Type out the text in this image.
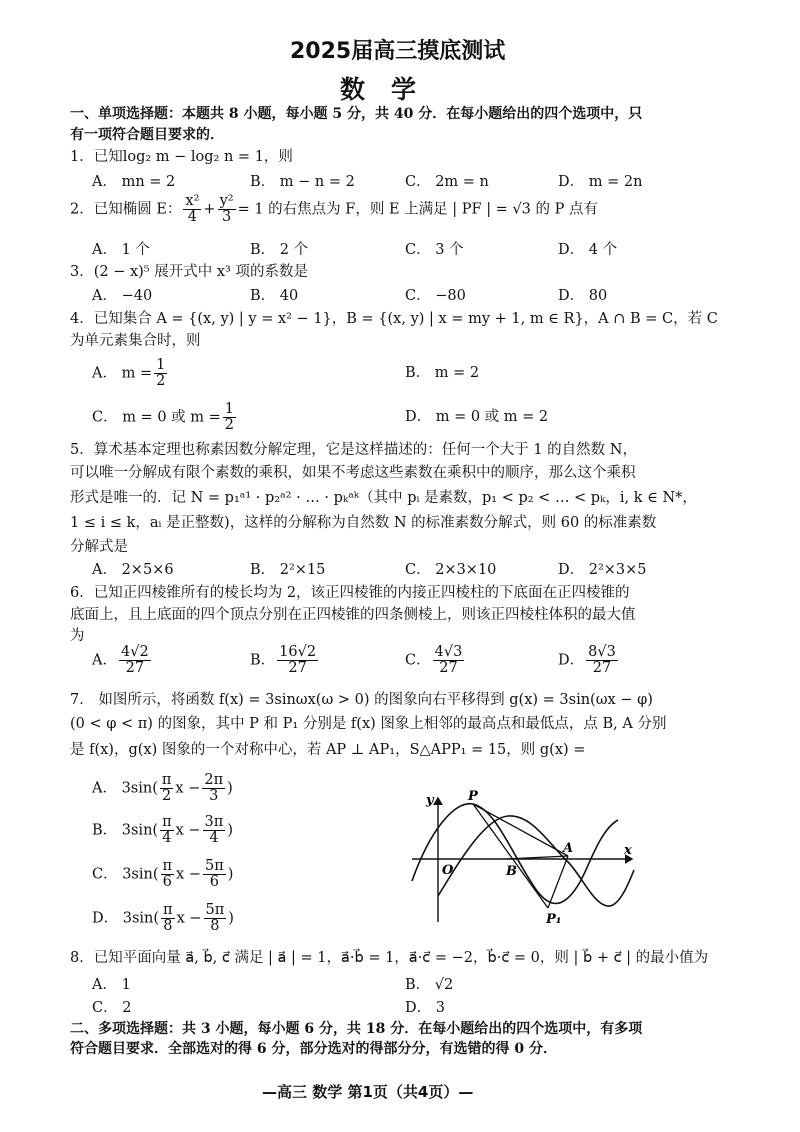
2025届高三摸底测试
数学
一、单项选择题：本题共 8 小题，每小题 5 分，共 40 分．在每小题给出的四个选项中，只
有一项符合题目要求的．
1．已知log₂ m − log₂ n = 1，则
A． mn = 2	B． m − n = 2	C． 2m = n	D． m = 2n
2．已知椭圆 E： $\frac{\text{x²}}{4} + \frac{\text{y²}}{3} = 1$ 的右焦点为 F，则 E 上满足 | PF | = √3 的 P 点有
A． 1 个	B． 2 个	C． 3 个	D． 4 个
3．(2 − x)⁵ 展开式中 x³ 项的系数是
A． −40	B． 40	C． −80	D． 80
4．已知集合 A = {(x, y) | y = x² − 1}，B = {(x, y) | x = my + 1, m ∈ R}，A ∩ B = C，若 C
为单元素集合时，则
A． $m = \frac{1}{2}$	B． m = 2
C． m = 0 或 $m = \frac{1}{2}$	D． m = 0 或 m = 2
5．算术基本定理也称素因数分解定理，它是这样描述的：任何一个大于 1 的自然数 N，
可以唯一分解成有限个素数的乘积，如果不考虑这些素数在乘积中的顺序，那么这个乘积
形式是唯一的．记 N = p₁ᵃ¹ · p₂ᵃ² · … · pₖᵃᵏ（其中 pᵢ 是素数，p₁ < p₂ < … < pₖ，i, k ∈ N*，
1 ≤ i ≤ k，aᵢ 是正整数)，这样的分解称为自然数 N 的标准素数分解式，则 60 的标准素数
分解式是
A． 2×5×6	B． 2²×15	C． 2×3×10	D． 2²×3×5
6．已知正四棱锥所有的棱长均为 2，该正四棱锥的内接正四棱柱的下底面在正四棱锥的
底面上，且上底面的四个顶点分别在正四棱锥的四条侧棱上，则该正四棱柱体积的最大值
为
A． $\frac{4√2}{27}$	B． $\frac{16√2}{27}$	C． $\frac{4√3}{27}$	D． $\frac{8√3}{27}$
7． 如图所示，将函数 f(x) = 3sinωx(ω > 0) 的图象向右平移得到 g(x) = 3sin(ωx − φ)
(0 < φ < π) 的图象，其中 P 和 P₁ 分别是 f(x) 图象上相邻的最高点和最低点，点 B, A 分别
是 f(x)，g(x) 图象的一个对称中心，若 AP ⊥ AP₁，S△APP₁ = 15，则 g(x) =
A． $3\sin( \frac{\pi}{2}$ $x - \frac{2\pi}{3}$ )
B． $3\sin( \frac{\pi}{4}$ $x - \frac{3\pi}{4}$ )
C． $3\sin( \frac{\pi}{6}$ $x - \frac{5\pi}{6}$ )
D． $3\sin( \frac{\pi}{8}$ $x - \frac{5\pi}{8}$ )
y
x
O
P
B
A
P₁
8．已知平面向量 a⃗, b⃗, c⃗ 满足 | a⃗ | = 1，a⃗·b⃗ = 1，a⃗·c⃗ = −2，b⃗·c⃗ = 0，则 | b⃗ + c⃗ | 的最小值为
A． 1	B． √2
C． 2	D． 3
二、多项选择题：共 3 小题，每小题 6 分，共 18 分．在每小题给出的四个选项中，有多项
符合题目要求．全部选对的得 6 分，部分选对的得部分分，有选错的得 0 分．
—高三 数学 第1页（共4页）—
